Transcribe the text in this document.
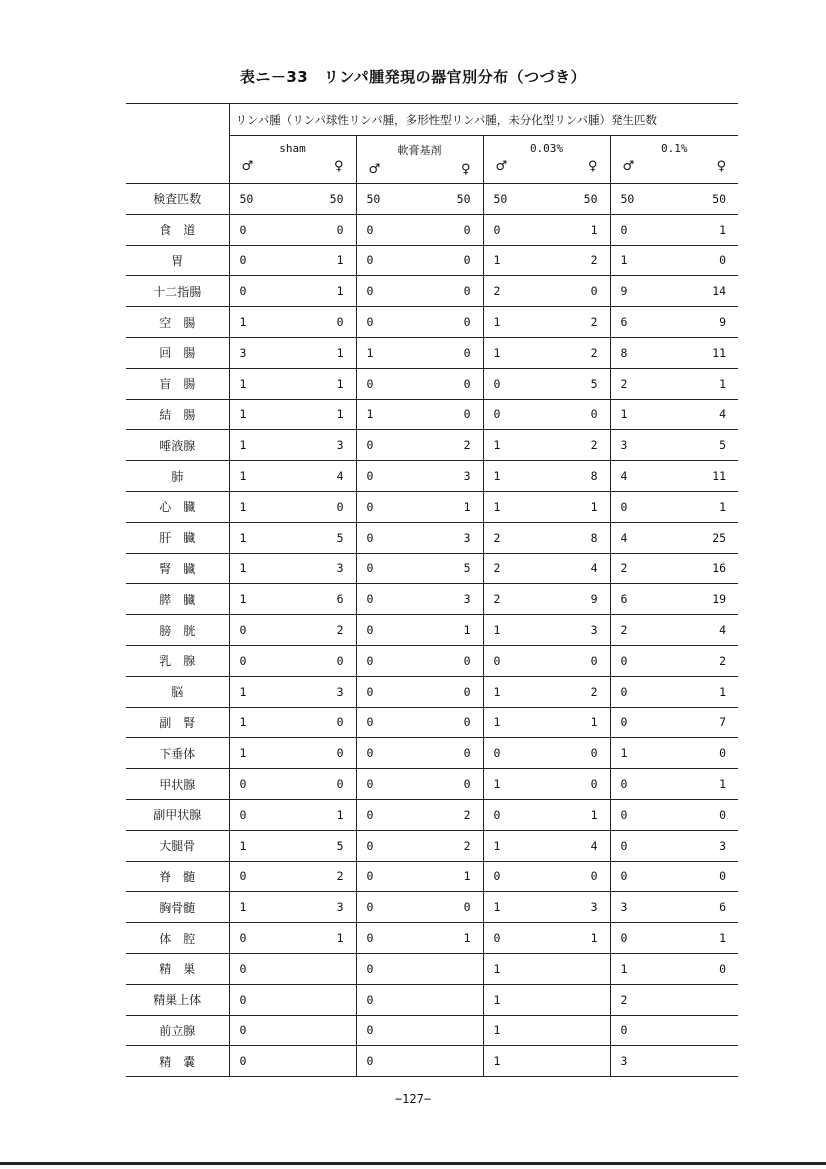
表ニ－33　リンパ腫発現の器官別分布（つづき）
	リンパ腫（リンパ球性リンパ腫，多形性型リンパ腫，未分化型リンパ腫）発生匹数							

	sham
♂ ♀		軟膏基剤
♂ ♀		0.03%
♂ ♀		0.1%
♂ ♀	

検査匹数	50	50	50	50	50	50	50	50
食　道	0	0	0	0	0	1	0	1
胃	0	1	0	0	1	2	1	0
十二指腸	0	1	0	0	2	0	9	14
空　腸	1	0	0	0	1	2	6	9
回　腸	3	1	1	0	1	2	8	11
盲　腸	1	1	0	0	0	5	2	1
結　腸	1	1	1	0	0	0	1	4
唾液腺	1	3	0	2	1	2	3	5
肺	1	4	0	3	1	8	4	11
心　臓	1	0	0	1	1	1	0	1
肝　臓	1	5	0	3	2	8	4	25
腎　臓	1	3	0	5	2	4	2	16
膵　臓	1	6	0	3	2	9	6	19
膀　胱	0	2	0	1	1	3	2	4
乳　腺	0	0	0	0	0	0	0	2
脳	1	3	0	0	1	2	0	1
副　腎	1	0	0	0	1	1	0	7
下垂体	1	0	0	0	0	0	1	0
甲状腺	0	0	0	0	1	0	0	1
副甲状腺	0	1	0	2	0	1	0	0
大腿骨	1	5	0	2	1	4	0	3
脊　髄	0	2	0	1	0	0	0	0
胸骨髄	1	3	0	0	1	3	3	6
体　腔	0	1	0	1	0	1	0	1
精　巣	0		0		1		1	0
精巣上体	0		0		1		2	
前立腺	0		0		1		0	
精　嚢	0		0		1		3	
−127−
